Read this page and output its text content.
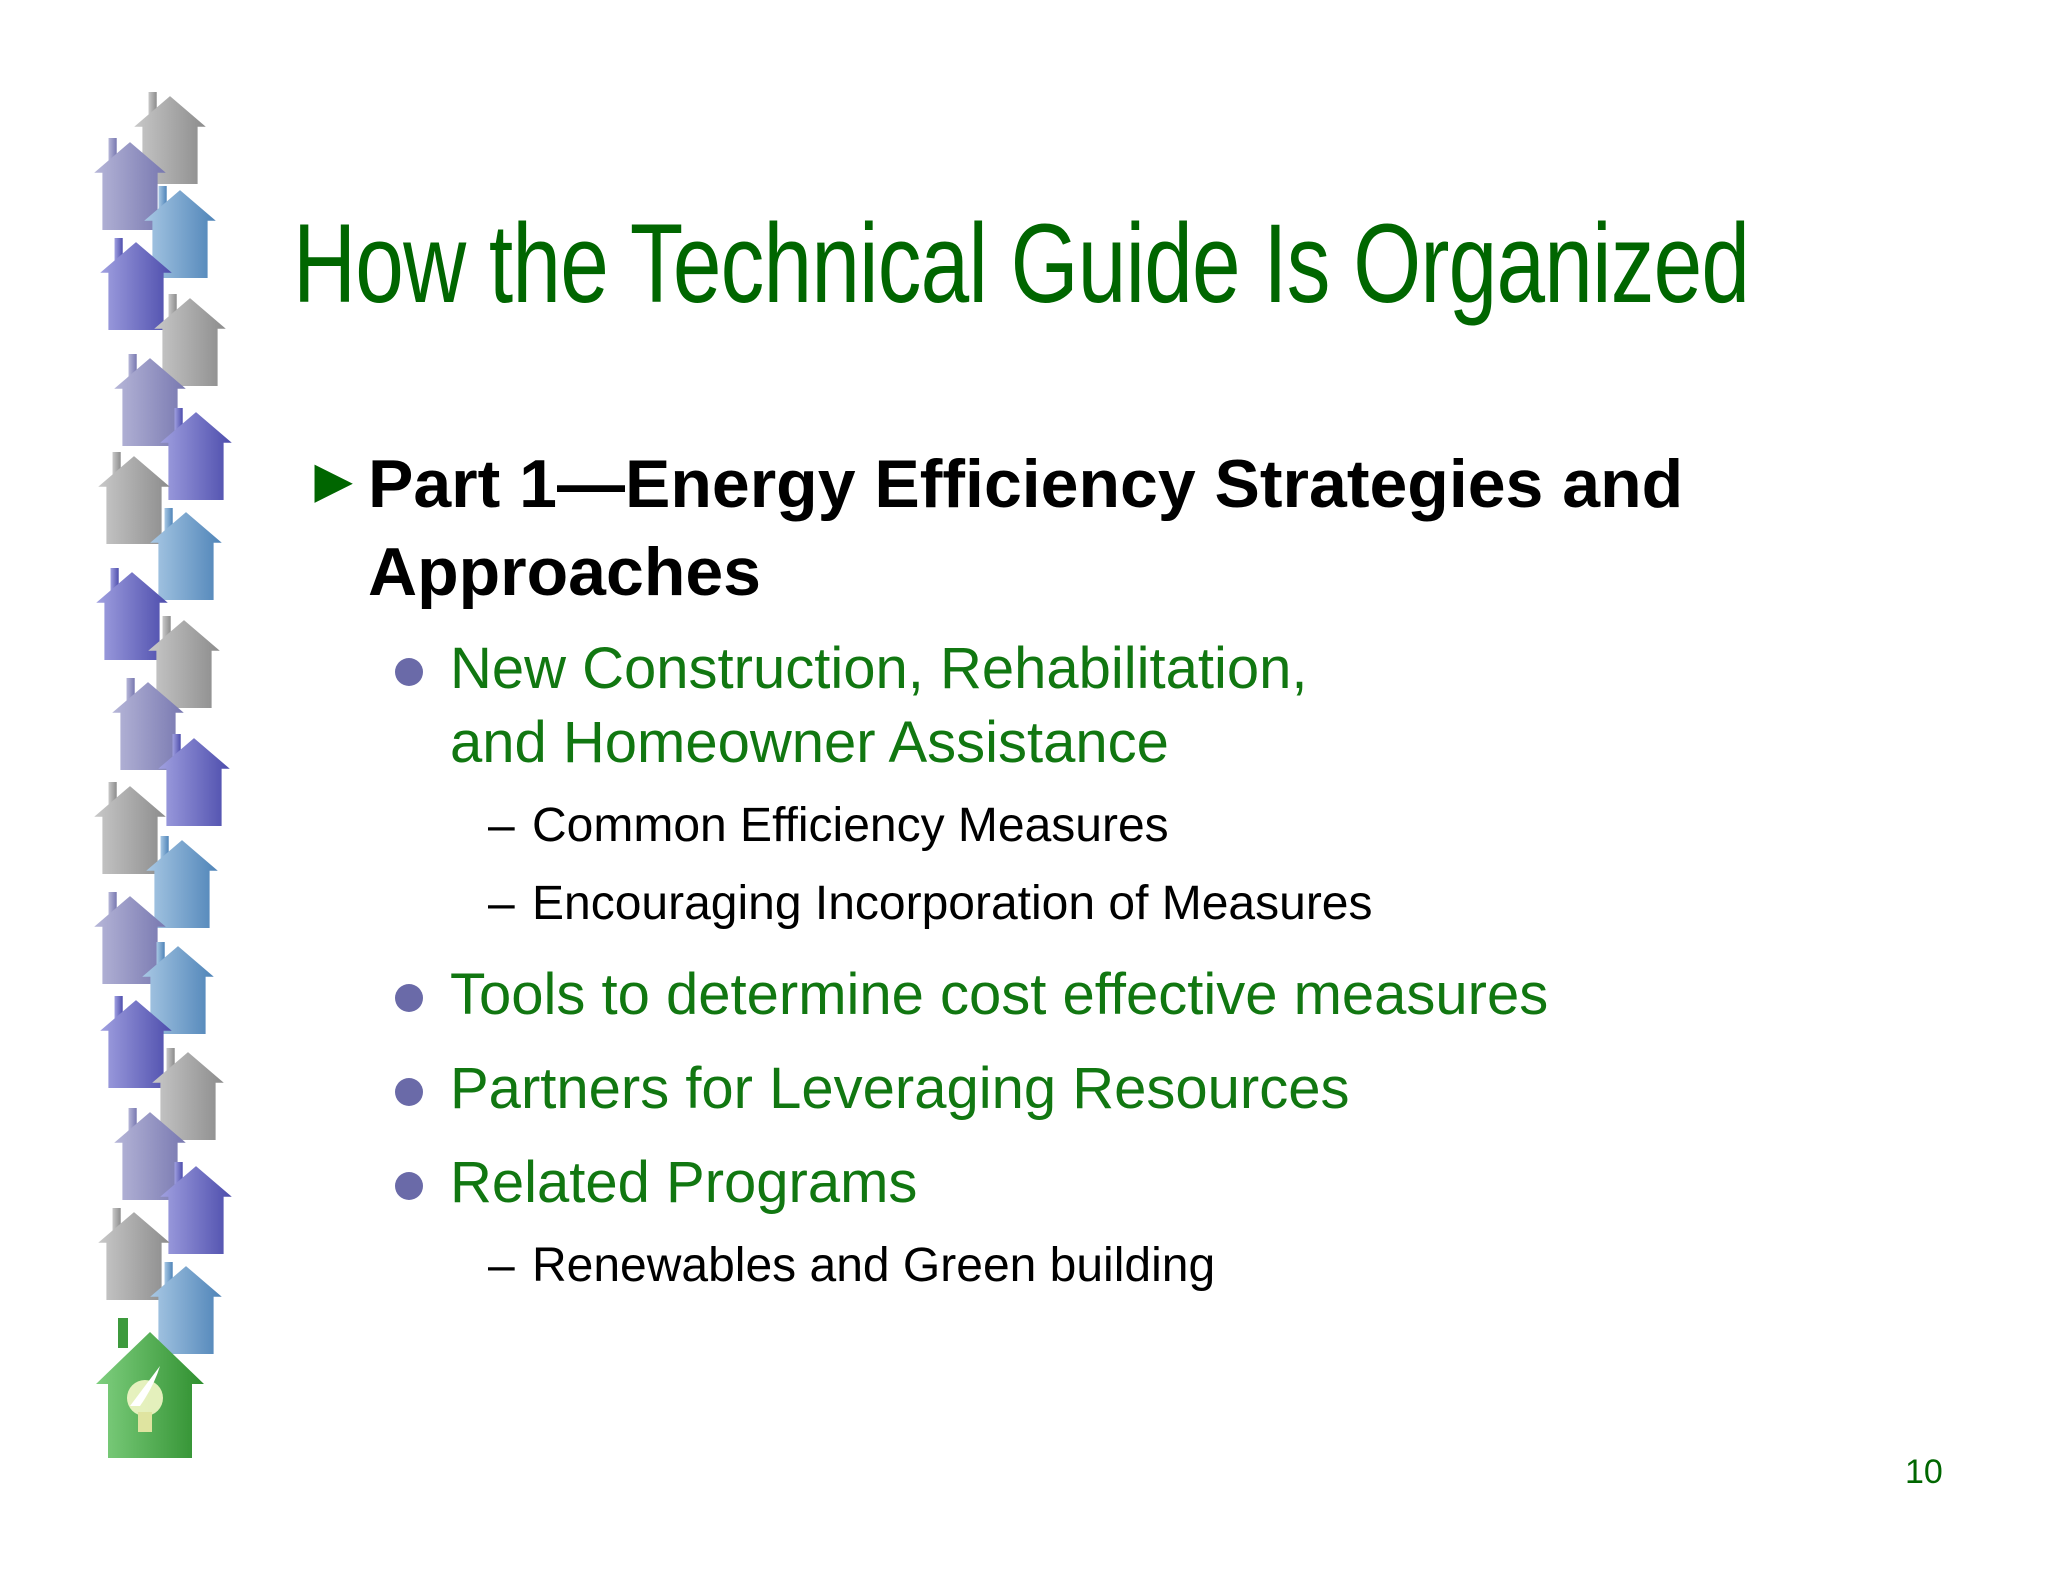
How the Technical Guide Is Organized
► Part 1—Energy Efficiency Strategies and Approaches
New Construction, Rehabilitation,
and Homeowner Assistance
– Common Efficiency Measures
– Encouraging Incorporation of Measures
Tools to determine cost effective measures
Partners for Leveraging Resources
Related Programs
– Renewables and Green building
10
